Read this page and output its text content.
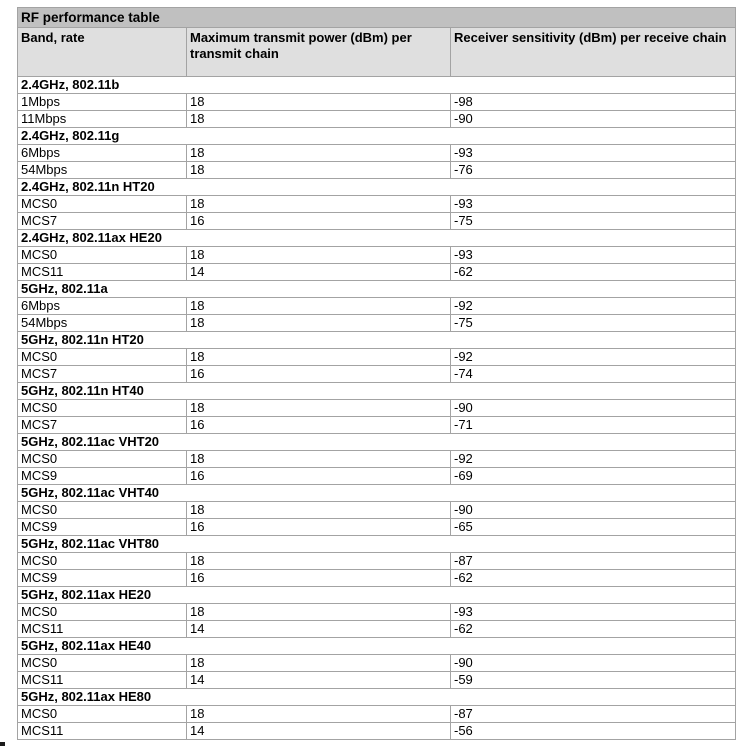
RF performance table		
Band, rate	Maximum transmit power (dBm) per transmit chain	Receiver sensitivity (dBm) per receive chain
2.4GHz, 802.11b		
1Mbps	18	-98
11Mbps	18	-90
2.4GHz, 802.11g		
6Mbps	18	-93
54Mbps	18	-76
2.4GHz, 802.11n HT20		
MCS0	18	-93
MCS7	16	-75
2.4GHz, 802.11ax HE20		
MCS0	18	-93
MCS11	14	-62
5GHz, 802.11a		
6Mbps	18	-92
54Mbps	18	-75
5GHz, 802.11n HT20		
MCS0	18	-92
MCS7	16	-74
5GHz, 802.11n HT40		
MCS0	18	-90
MCS7	16	-71
5GHz, 802.11ac VHT20		
MCS0	18	-92
MCS9	16	-69
5GHz, 802.11ac VHT40		
MCS0	18	-90
MCS9	16	-65
5GHz, 802.11ac VHT80		
MCS0	18	-87
MCS9	16	-62
5GHz, 802.11ax HE20		
MCS0	18	-93
MCS11	14	-62
5GHz, 802.11ax HE40		
MCS0	18	-90
MCS11	14	-59
5GHz, 802.11ax HE80		
MCS0	18	-87
MCS11	14	-56
